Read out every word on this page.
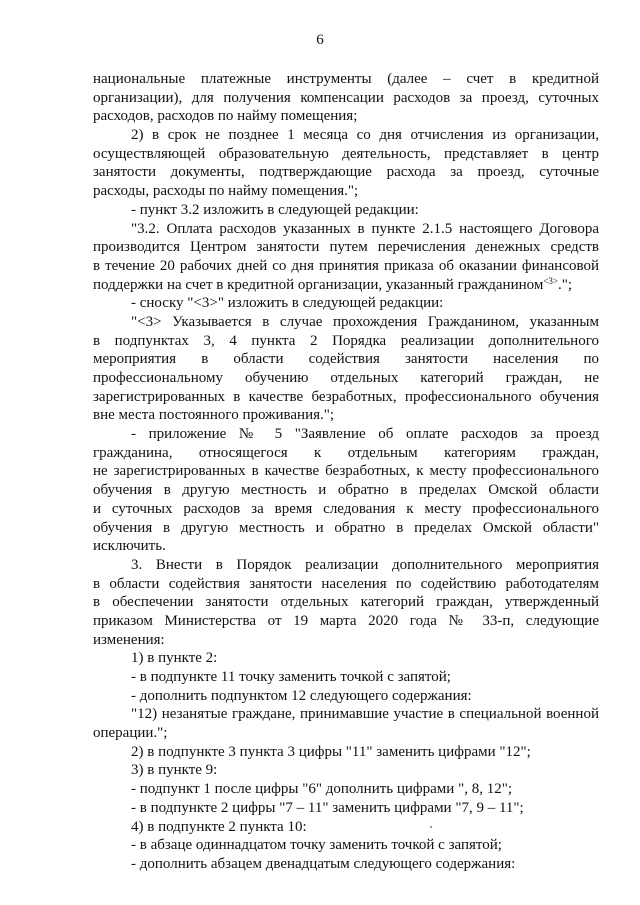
6
национальные платежные инструменты (далее – счет в кредитной
организации), для получения компенсации расходов за проезд, суточных
расходов, расходов по найму помещения;
2) в срок не позднее 1 месяца со дня отчисления из организации,
осуществляющей образовательную деятельность, представляет в центр
занятости документы, подтверждающие расхода за проезд, суточные
расходы, расходы по найму помещения.";
- пункт 3.2 изложить в следующей редакции:
"3.2. Оплата расходов указанных в пункте 2.1.5 настоящего Договора
производится Центром занятости путем перечисления денежных средств
в течение 20 рабочих дней со дня принятия приказа об оказании финансовой
поддержки на счет в кредитной организации, указанный гражданином$^{<3>}$.";
- сноску "<3>" изложить в следующей редакции:
"<3> Указывается в случае прохождения Гражданином, указанным
в подпунктах 3, 4 пункта 2 Порядка реализации дополнительного
мероприятия в области содействия занятости населения по
профессиональному обучению отдельных категорий граждан, не
зарегистрированных в качестве безработных, профессионального обучения
вне места постоянного проживания.";
- приложение № 5 "Заявление об оплате расходов за проезд
гражданина, относящегося к отдельным категориям граждан,
не зарегистрированных в качестве безработных, к месту профессионального
обучения в другую местность и обратно в пределах Омской области
и суточных расходов за время следования к месту профессионального
обучения в другую местность и обратно в пределах Омской области"
исключить.
3. Внести в Порядок реализации дополнительного мероприятия
в области содействия занятости населения по содействию работодателям
в обеспечении занятости отдельных категорий граждан, утвержденный
приказом Министерства от 19 марта 2020 года № 33-п, следующие
изменения:
1) в пункте 2:
- в подпункте 11 точку заменить точкой с запятой;
- дополнить подпунктом 12 следующего содержания:
"12) незанятые граждане, принимавшие участие в специальной военной
операции.";
2) в подпункте 3 пункта 3 цифры "11" заменить цифрами "12";
3) в пункте 9:
- подпункт 1 после цифры "6" дополнить цифрами ", 8, 12";
- в подпункте 2 цифры "7 – 11" заменить цифрами "7, 9 – 11";
4) в подпункте 2 пункта 10:
- в абзаце одиннадцатом точку заменить точкой с запятой;
- дополнить абзацем двенадцатым следующего содержания:
